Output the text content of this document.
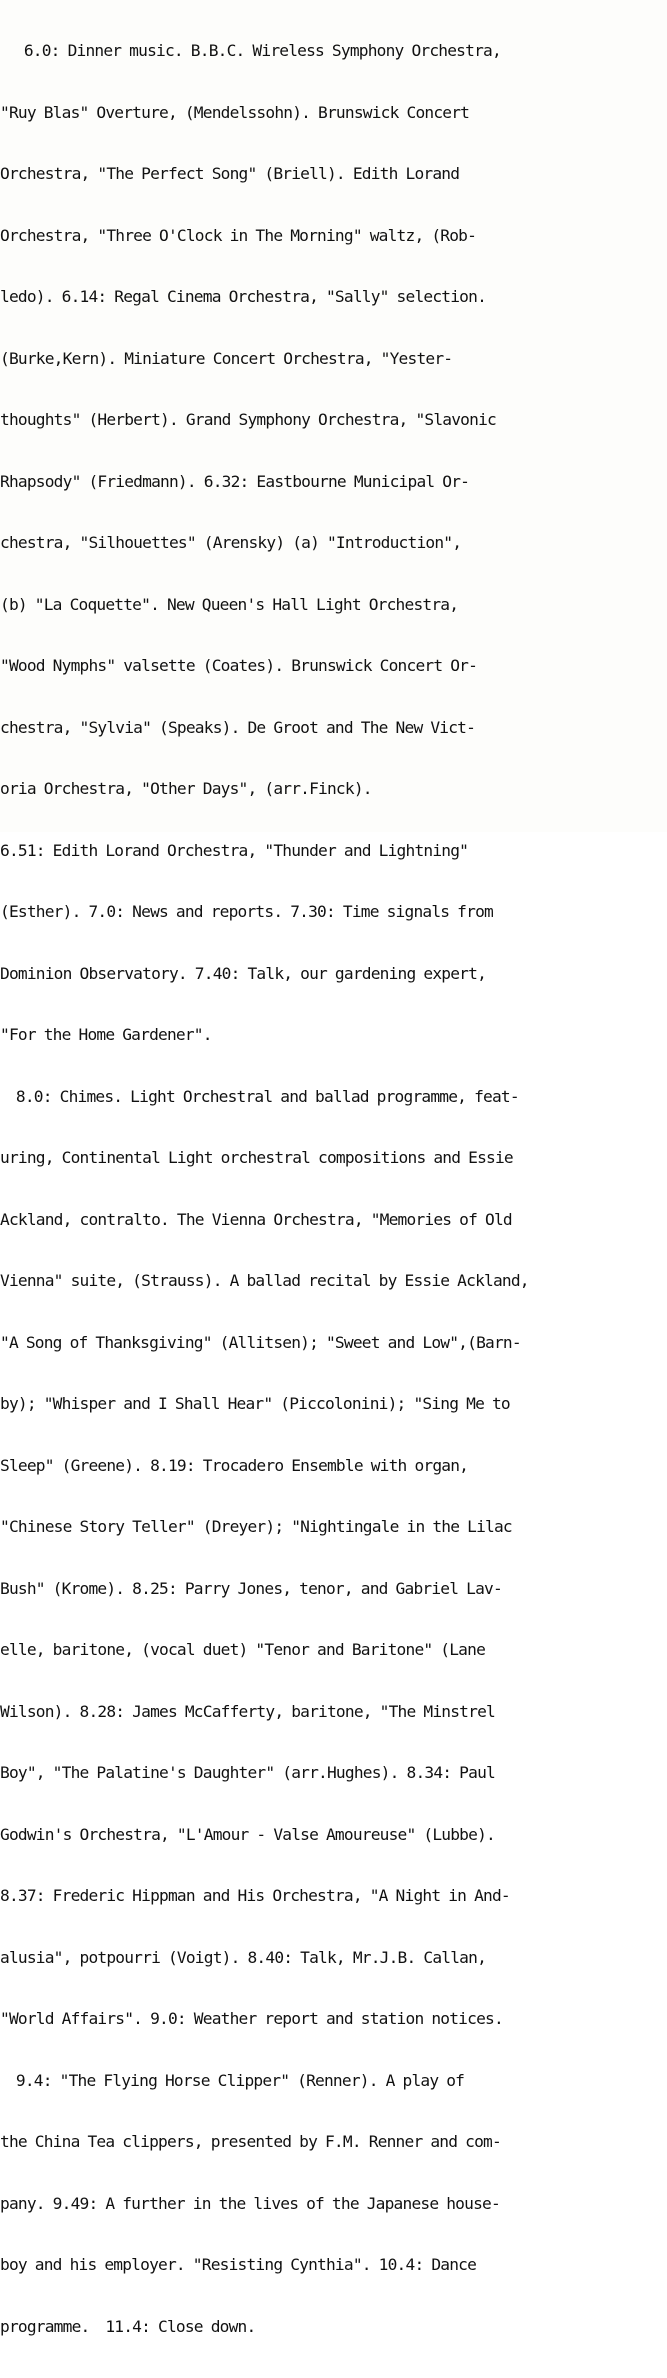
6.0: Dinner music. B.B.C. Wireless Symphony Orchestra,

"Ruy Blas" Overture, (Mendelssohn). Brunswick Concert

Orchestra, "The Perfect Song" (Briell). Edith Lorand

Orchestra, "Three O'Clock in The Morning" waltz, (Rob-

ledo). 6.14: Regal Cinema Orchestra, "Sally" selection.

(Burke,Kern). Miniature Concert Orchestra, "Yester-

thoughts" (Herbert). Grand Symphony Orchestra, "Slavonic

Rhapsody" (Friedmann). 6.32: Eastbourne Municipal Or-

chestra, "Silhouettes" (Arensky) (a) "Introduction",

(b) "La Coquette". New Queen's Hall Light Orchestra,

"Wood Nymphs" valsette (Coates). Brunswick Concert Or-

chestra, "Sylvia" (Speaks). De Groot and The New Vict-

oria Orchestra, "Other Days", (arr.Finck).

6.51: Edith Lorand Orchestra, "Thunder and Lightning"

(Esther). 7.0: News and reports. 7.30: Time signals from

Dominion Observatory. 7.40: Talk, our gardening expert,

"For the Home Gardener".

8.0: Chimes. Light Orchestral and ballad programme, feat-

uring, Continental Light orchestral compositions and Essie

Ackland, contralto. The Vienna Orchestra, "Memories of Old

Vienna" suite, (Strauss). A ballad recital by Essie Ackland,

"A Song of Thanksgiving" (Allitsen); "Sweet and Low",(Barn-

by); "Whisper and I Shall Hear" (Piccolonini); "Sing Me to

Sleep" (Greene). 8.19: Trocadero Ensemble with organ,

"Chinese Story Teller" (Dreyer); "Nightingale in the Lilac

Bush" (Krome). 8.25: Parry Jones, tenor, and Gabriel Lav-

elle, baritone, (vocal duet) "Tenor and Baritone" (Lane

Wilson). 8.28: James McCafferty, baritone, "The Minstrel

Boy", "The Palatine's Daughter" (arr.Hughes). 8.34: Paul

Godwin's Orchestra, "L'Amour - Valse Amoureuse" (Lubbe).

8.37: Frederic Hippman and His Orchestra, "A Night in And-

alusia", potpourri (Voigt). 8.40: Talk, Mr.J.B. Callan,

"World Affairs". 9.0: Weather report and station notices.

9.4: "The Flying Horse Clipper" (Renner). A play of

the China Tea clippers, presented by F.M. Renner and com-

pany. 9.49: A further in the lives of the Japanese house-

boy and his employer. "Resisting Cynthia". 10.4: Dance

programme.  11.4: Close down.
